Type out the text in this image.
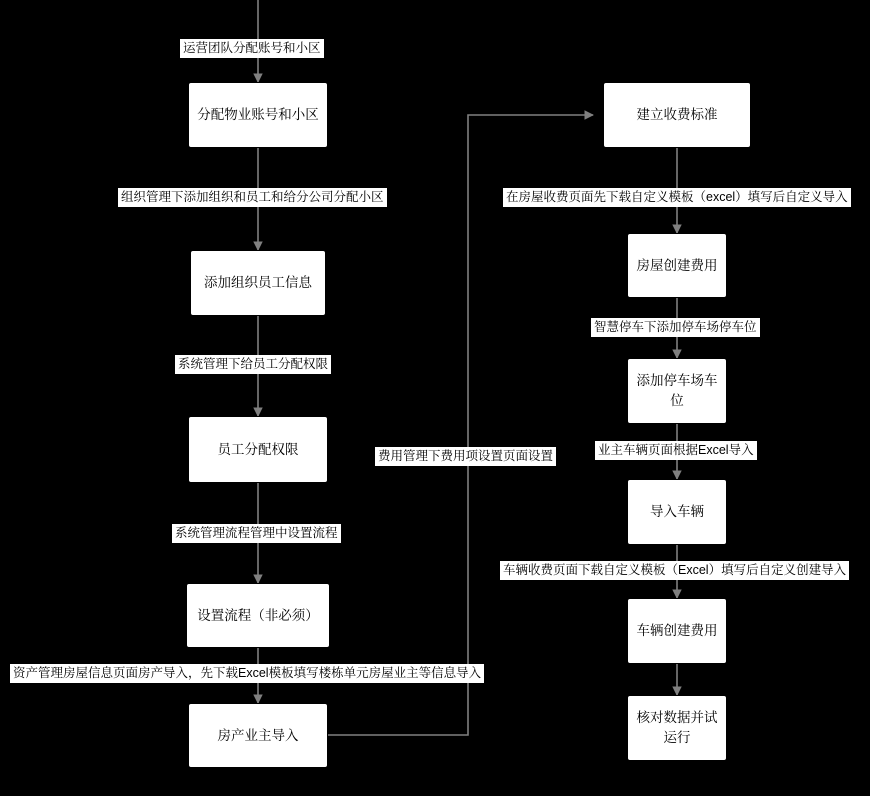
分配物业账号和小区
添加组织员工信息
员工分配权限
设置流程（非必须）
房产业主导入
建立收费标准
房屋创建费用
添加停车场车位
导入车辆
车辆创建费用
核对数据并试运行
运营团队分配账号和小区
组织管理下添加组织和员工和给分公司分配小区
系统管理下给员工分配权限
系统管理流程管理中设置流程
资产管理房屋信息页面房产导入，先下载Excel模板填写楼栋单元房屋业主等信息导入
费用管理下费用项设置页面设置
在房屋收费页面先下载自定义模板（excel）填写后自定义导入
智慧停车下添加停车场停车位
业主车辆页面根据Excel导入
车辆收费页面下载自定义模板（Excel）填写后自定义创建导入
